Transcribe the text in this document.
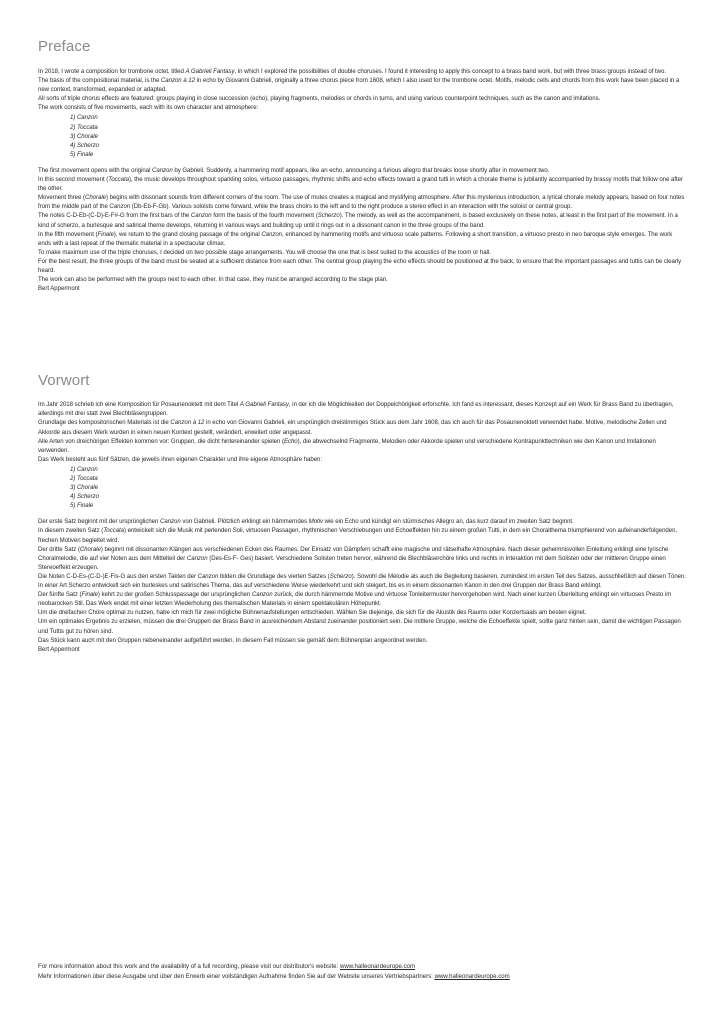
Preface

In 2018, I wrote a composition for trombone octet, titled A Gabrieli Fantasy, in which I explored the possibilities of double choruses. I found it interesting to apply this concept to a brass band work, but with three brass groups instead of two.

The basis of the compositional material, is the Canzon à 12 in echo by Giovanni Gabrieli, originally a three chorus piece from 1608, which I also used for the trombone octet. Motifs, melodic cells and chords from this work have been placed in a new context, transformed, expanded or adapted.

All sorts of triple chorus effects are featured: groups playing in close succession (echo), playing fragments, melodies or chords in turns, and using various counterpoint techniques, such as the canon and imitations.

The work consists of five movements, each with its own character and atmosphere:

1) Canzon
2) Toccata
3) Chorale
4) Scherzo
5) Finale

The first movement opens with the original Canzon by Gabrieli. Suddenly, a hammering motif appears, like an echo, announcing a furious allegro that breaks loose shortly after in movement two.

In this second movement (Toccata), the music develops throughout sparkling solos, virtuoso passages, rhythmic shifts and echo effects toward a grand tutti in which a chorale theme is jubilantly accompanied by brassy motifs that follow one after the other.

Movement three (Chorale) begins with dissonant sounds from different corners of the room. The use of mutes creates a magical and mystifying atmosphere. After this mysterious introduction, a lyrical chorale melody appears, based on four notes from the middle part of the Canzon (Db-Eb-F-Gb). Various soloists come forward, while the brass choirs to the left and to the right produce a stereo effect in an interaction with the soloist or central group.

The notes C-D-Eb-(C-D)-E-F#-G from the first bars of the Canzon form the basis of the fourth movement (Scherzo). The melody, as well as the accompaniment, is based exclusively on these notes, at least in the first part of the movement. In a kind of scherzo, a burlesque and satirical theme develops, returning in various ways and building up until it rings out in a dissonant canon in the three groups of the band.

In the fifth movement (Finale), we return to the grand closing passage of the original Canzon, enhanced by hammering motifs and virtuoso scale patterns. Following a short transition, a virtuoso presto in neo baroque style emerges. The work ends with a last repeat of the thematic material in a spectacular climax.

To make maximum use of the triple choruses, I decided on two possible stage arrangements. You will choose the one that is best suited to the acoustics of the room or hall.

For the best result, the three groups of the band must be seated at a sufficient distance from each other. The central group playing the echo effects should be positioned at the back, to ensure that the important passages and tuttis can be clearly heard.

The work can also be performed with the groups next to each other. In that case, they must be arranged according to the stage plan.

Bert Appermont

Vorwort

Im Jahr 2018 schrieb ich eine Komposition für Posaunenoktett mit dem Titel A Gabrieli Fantasy, in der ich die Möglichkeiten der Doppelchörigkeit erforschte. Ich fand es interessant, dieses Konzept auf ein Werk für Brass Band zu übertragen, allerdings mit drei statt zwei Blechbläsergruppen.

Grundlage des kompositorischen Materials ist die Canzon à 12 in echo von Giovanni Gabrieli, ein ursprünglich dreistimmiges Stück aus dem Jahr 1608, das ich auch für das Posaunenoktett verwendet habe. Motive, melodische Zellen und Akkorde aus diesem Werk wurden in einen neuen Kontext gestellt, verändert, erweitert oder angepasst.

Alle Arten von dreichörigen Effekten kommen vor: Gruppen, die dicht hintereinander spielen (Echo), die abwechselnd Fragmente, Melodien oder Akkorde spielen und verschiedene Kontrapunkttechniken wie den Kanon und Imitationen verwenden.

Das Werk besteht aus fünf Sätzen, die jeweils ihren eigenen Charakter und ihre eigene Atmosphäre haben:

1) Canzon
2) Toccata
3) Chorale
4) Scherzo
5) Finale

Der erste Satz beginnt mit der ursprünglichen Canzon von Gabrieli. Plötzlich erklingt ein hämmerndes Motiv wie ein Echo und kündigt ein stürmisches Allegro an, das kurz darauf im zweiten Satz beginnt.

In diesem zweiten Satz (Toccata) entwickelt sich die Musik mit perlenden Soli, virtuosen Passagen, rhythmischen Verschiebungen und Echoeffekten hin zu einem großen Tutti, in dem ein Choralthema triumphierend von aufeinanderfolgenden, frechen Motiven begleitet wird.

Der dritte Satz (Chorale) beginnt mit dissonanten Klängen aus verschiedenen Ecken des Raumes. Der Einsatz von Dämpfern schafft eine magische und rätselhafte Atmosphäre. Nach dieser geheimnisvollen Einleitung erklingt eine lyrische Choralmelodie, die auf vier Noten aus dem Mittelteil der Canzon (Des-Es-F- Ges) basiert. Verschiedene Solisten treten hervor, während die Blechbläserchöre links und rechts in Interaktion mit dem Solisten oder der mittleren Gruppe einen Stereoeffekt erzeugen.

Die Noten C-D-Es-(C-D-)E-Fis-G aus den ersten Takten der Canzon bilden die Grundlage des vierten Satzes (Scherzo). Sowohl die Melodie als auch die Begleitung basieren, zumindest im ersten Teil des Satzes, ausschließlich auf diesen Tönen. In einer Art Scherzo entwickelt sich ein burleskes und satirisches Thema, das auf verschiedene Weise wiederkehrt und sich steigert, bis es in einem dissonanten Kanon in den drei Gruppen der Brass Band erklingt.

Der fünfte Satz (Finale) kehrt zu der großen Schlusspassage der ursprünglichen Canzon zurück, die durch hämmernde Motive und virtuose Tonleitermuster hervorgehoben wird. Nach einer kurzen Überleitung erklingt ein virtuoses Presto im neobarocken Stil. Das Werk endet mit einer letzten Wiederholung des thematischen Materials in einem spektakulären Höhepunkt.

Um die dreifachen Chöre optimal zu nutzen, habe ich mich für zwei mögliche Bühnenaufstellungen entschieden. Wählen Sie diejenige, die sich für die Akustik des Raums oder Konzertsaals am besten eignet.

Um ein optimales Ergebnis zu erzielen, müssen die drei Gruppen der Brass Band in ausreichendem Abstand zueinander positioniert sein. Die mittlere Gruppe, welche die Echoeffekte spielt, sollte ganz hinten sein, damit die wichtigen Passagen und Tuttis gut zu hören sind.

Das Stück kann auch mit den Gruppen nebeneinander aufgeführt werden. In diesem Fall müssen sie gemäß dem Bühnenplan angeordnet werden.

Bert Appermont

For more information about this work and the availability of a full recording, please visit our distributor's website: www.halleonardeurope.com
Mehr Informationen über diese Ausgabe und über den Erwerb einer vollständigen Aufnahme finden Sie auf der Website unseres Vertriebspartners: www.halleonardeurope.com
